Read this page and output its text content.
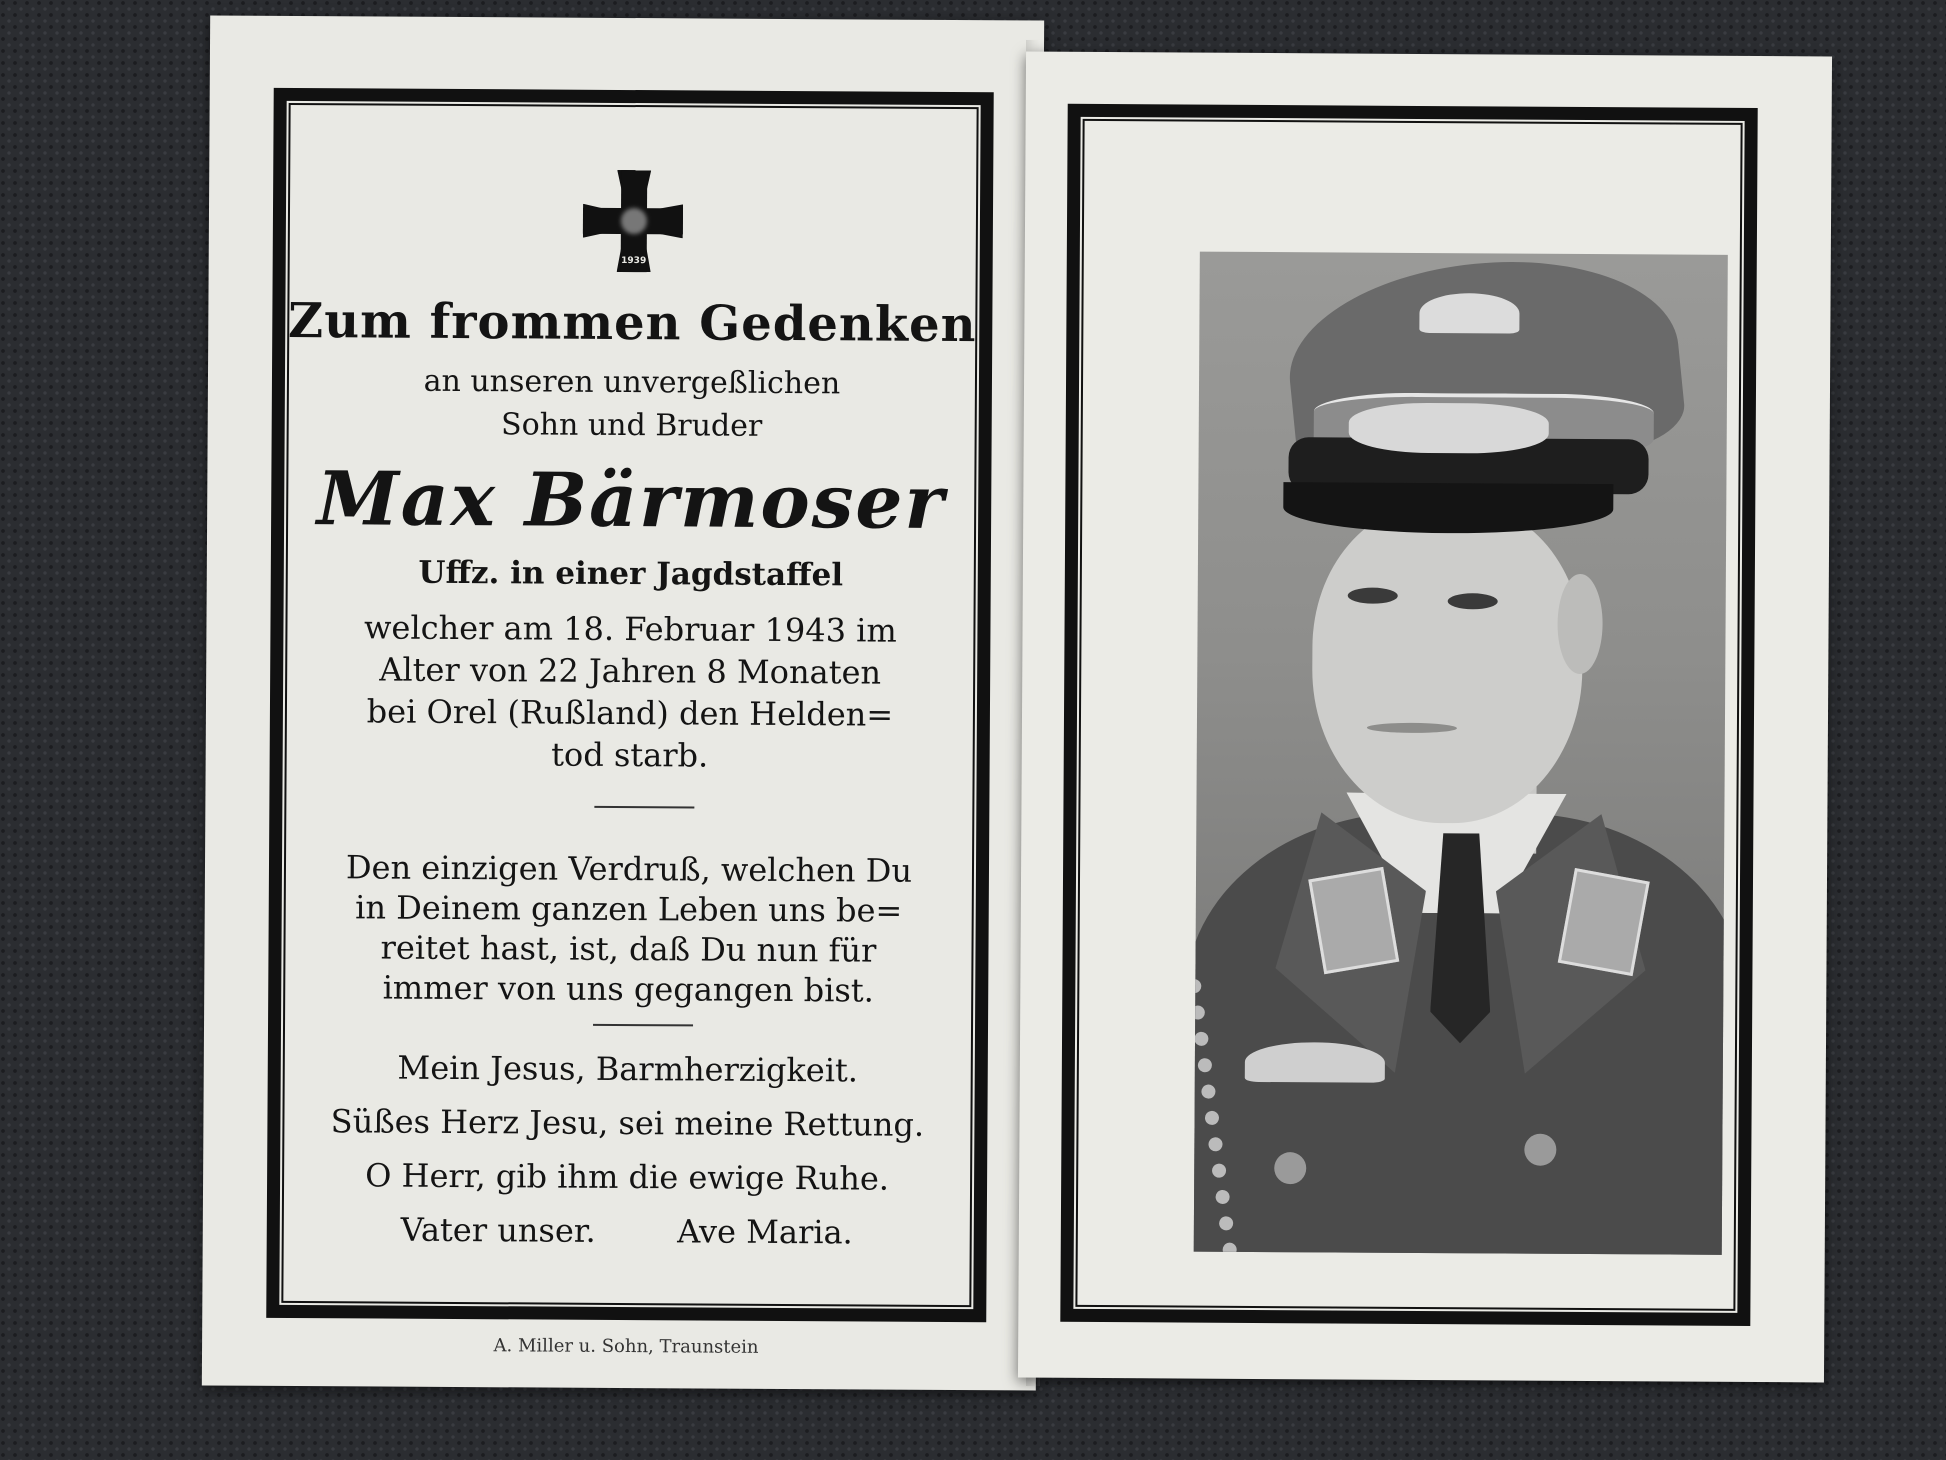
1939
Zum frommen Gedenken
an unseren unvergeßlichen
Sohn und Bruder
Max Bärmoser
Uffz. in einer Jagdstaffel
welcher am 18. Februar 1943 im
Alter von 22 Jahren 8 Monaten
bei Orel (Rußland) den Helden=
tod starb.
Den einzigen Verdruß, welchen Du
in Deinem ganzen Leben uns be=
reitet hast, ist, daß Du nun für
immer von uns gegangen bist.
Mein Jesus, Barmherzigkeit.
Süßes Herz Jesu, sei meine Rettung.
O Herr, gib ihm die ewige Ruhe.
Vater unser.        Ave Maria.
A. Miller u. Sohn, Traunstein
